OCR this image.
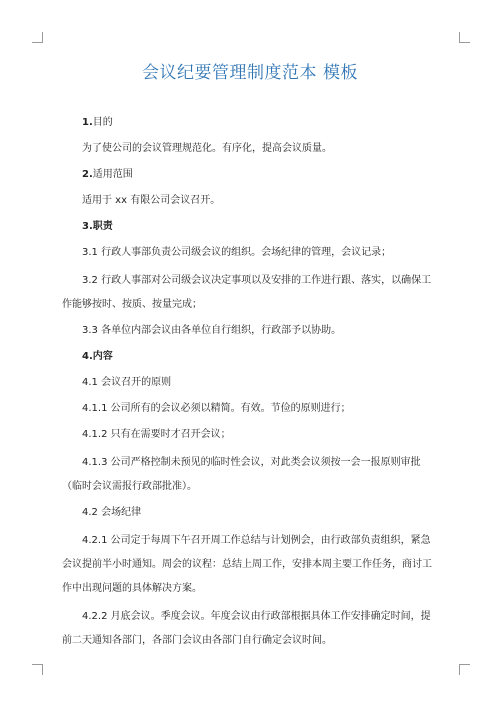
会议纪要管理制度范本 模板

1.目的

为了使公司的会议管理规范化。有序化，提高会议质量。

2.适用范围

适用于 xx 有限公司会议召开。

3.职责

3.1 行政人事部负责公司级会议的组织。会场纪律的管理，会议记录；

3.2 行政人事部对公司级会议决定事项以及安排的工作进行跟、落实，以确保工作能够按时、按质、按量完成；

3.3 各单位内部会议由各单位自行组织，行政部予以协助。

4.内容

4.1 会议召开的原则

4.1.1 公司所有的会议必须以精简。有效。节俭的原则进行；

4.1.2 只有在需要时才召开会议；

4.1.3 公司严格控制未预见的临时性会议，对此类会议须按一会一报原则审批（临时会议需报行政部批准）。

4.2 会场纪律

4.2.1 公司定于每周下午召开周工作总结与计划例会，由行政部负责组织，紧急会议提前半小时通知。周会的议程：总结上周工作，安排本周主要工作任务，商讨工作中出现问题的具体解决方案。

4.2.2 月底会议。季度会议。年度会议由行政部根据具体工作安排确定时间，提前二天通知各部门，各部门会议由各部门自行确定会议时间。
